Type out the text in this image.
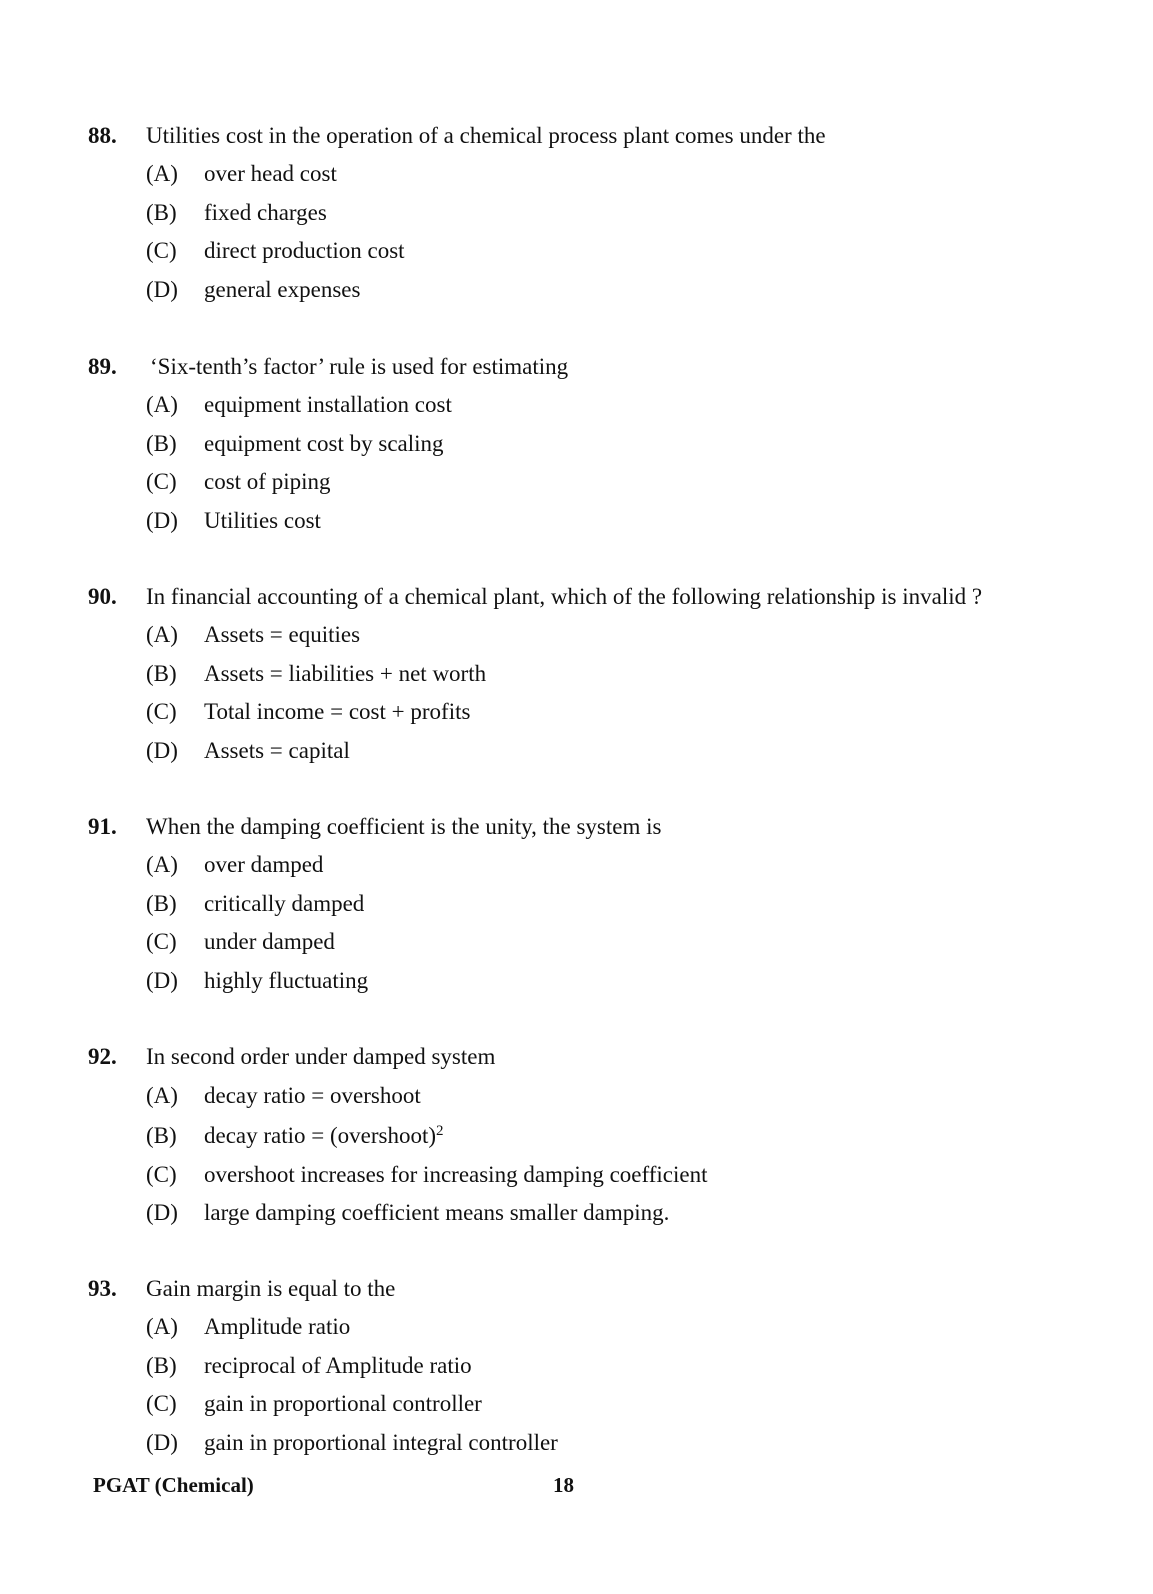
88. Utilities cost in the operation of a chemical process plant comes under the
(A) over head cost
(B) fixed charges
(C) direct production cost
(D) general expenses
89. ‘Six-tenth’s factor’ rule is used for estimating
(A) equipment installation cost
(B) equipment cost by scaling
(C) cost of piping
(D) Utilities cost
90. In financial accounting of a chemical plant, which of the following relationship is invalid ?
(A) Assets = equities
(B) Assets = liabilities + net worth
(C) Total income = cost + profits
(D) Assets = capital
91. When the damping coefficient is the unity, the system is
(A) over damped
(B) critically damped
(C) under damped
(D) highly fluctuating
92. In second order under damped system
(A) decay ratio = overshoot
(B) decay ratio = (overshoot)$^2$
(C) overshoot increases for increasing damping coefficient
(D) large damping coefficient means smaller damping.
93. Gain margin is equal to the
(A) Amplitude ratio
(B) reciprocal of Amplitude ratio
(C) gain in proportional controller
(D) gain in proportional integral controller
PGAT (Chemical)	18
